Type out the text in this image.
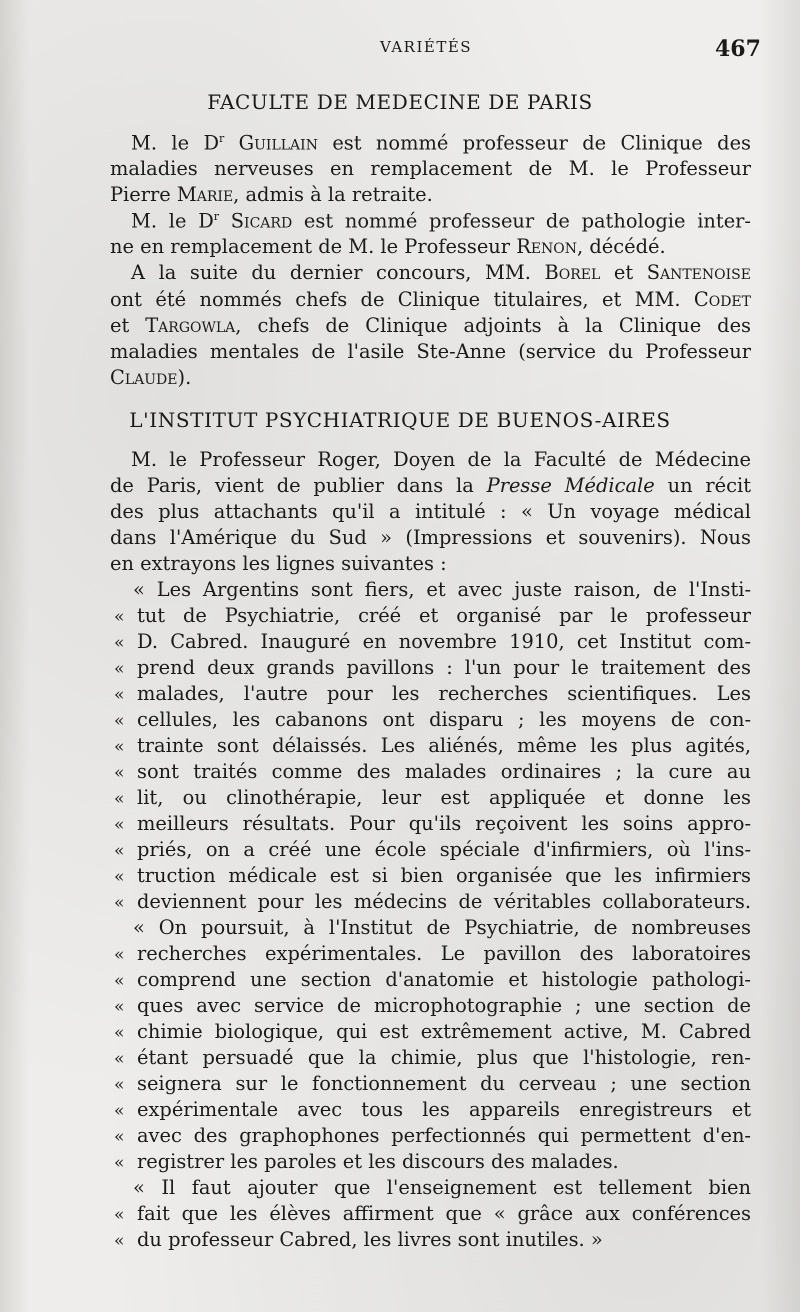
VARIÉTÉS	467
FACULTE DE MEDECINE DE PARIS
M. le $D^r$ Guillain est nommé professeur de Clinique des
maladies nerveuses en remplacement de M. le Professeur
Pierre Marie, admis à la retraite.
M. le $D^r$ Sicard est nommé professeur de pathologie inter-
ne en remplacement de M. le Professeur Renon, décédé.
A la suite du dernier concours, MM. Borel et Santenoise
ont été nommés chefs de Clinique titulaires, et MM. Codet
et Targowla, chefs de Clinique adjoints à la Clinique des
maladies mentales de l'asile Ste-Anne (service du Professeur
Claude).
L'INSTITUT PSYCHIATRIQUE DE BUENOS-AIRES
M. le Professeur Roger, Doyen de la Faculté de Médecine
de Paris, vient de publier dans la Presse Médicale un récit
des plus attachants qu'il a intitulé : « Un voyage médical
dans l'Amérique du Sud » (Impressions et souvenirs). Nous
en extrayons les lignes suivantes :
« Les Argentins sont fiers, et avec juste raison, de l'Insti-
« tut de Psychiatrie, créé et organisé par le professeur
« D. Cabred. Inauguré en novembre 1910, cet Institut com-
« prend deux grands pavillons : l'un pour le traitement des
« malades, l'autre pour les recherches scientifiques. Les
« cellules, les cabanons ont disparu ; les moyens de con-
« trainte sont délaissés. Les aliénés, même les plus agités,
« sont traités comme des malades ordinaires ; la cure au
« lit, ou clinothérapie, leur est appliquée et donne les
« meilleurs résultats. Pour qu'ils reçoivent les soins appro-
« priés, on a créé une école spéciale d'infirmiers, où l'ins-
« truction médicale est si bien organisée que les infirmiers
« deviennent pour les médecins de véritables collaborateurs.
« On poursuit, à l'Institut de Psychiatrie, de nombreuses
« recherches expérimentales. Le pavillon des laboratoires
« comprend une section d'anatomie et histologie pathologi-
« ques avec service de microphotographie ; une section de
« chimie biologique, qui est extrêmement active, M. Cabred
« étant persuadé que la chimie, plus que l'histologie, ren-
« seignera sur le fonctionnement du cerveau ; une section
« expérimentale avec tous les appareils enregistreurs et
« avec des graphophones perfectionnés qui permettent d'en-
« registrer les paroles et les discours des malades.
« Il faut ajouter que l'enseignement est tellement bien
« fait que les élèves affirment que « grâce aux conférences
« du professeur Cabred, les livres sont inutiles. »
